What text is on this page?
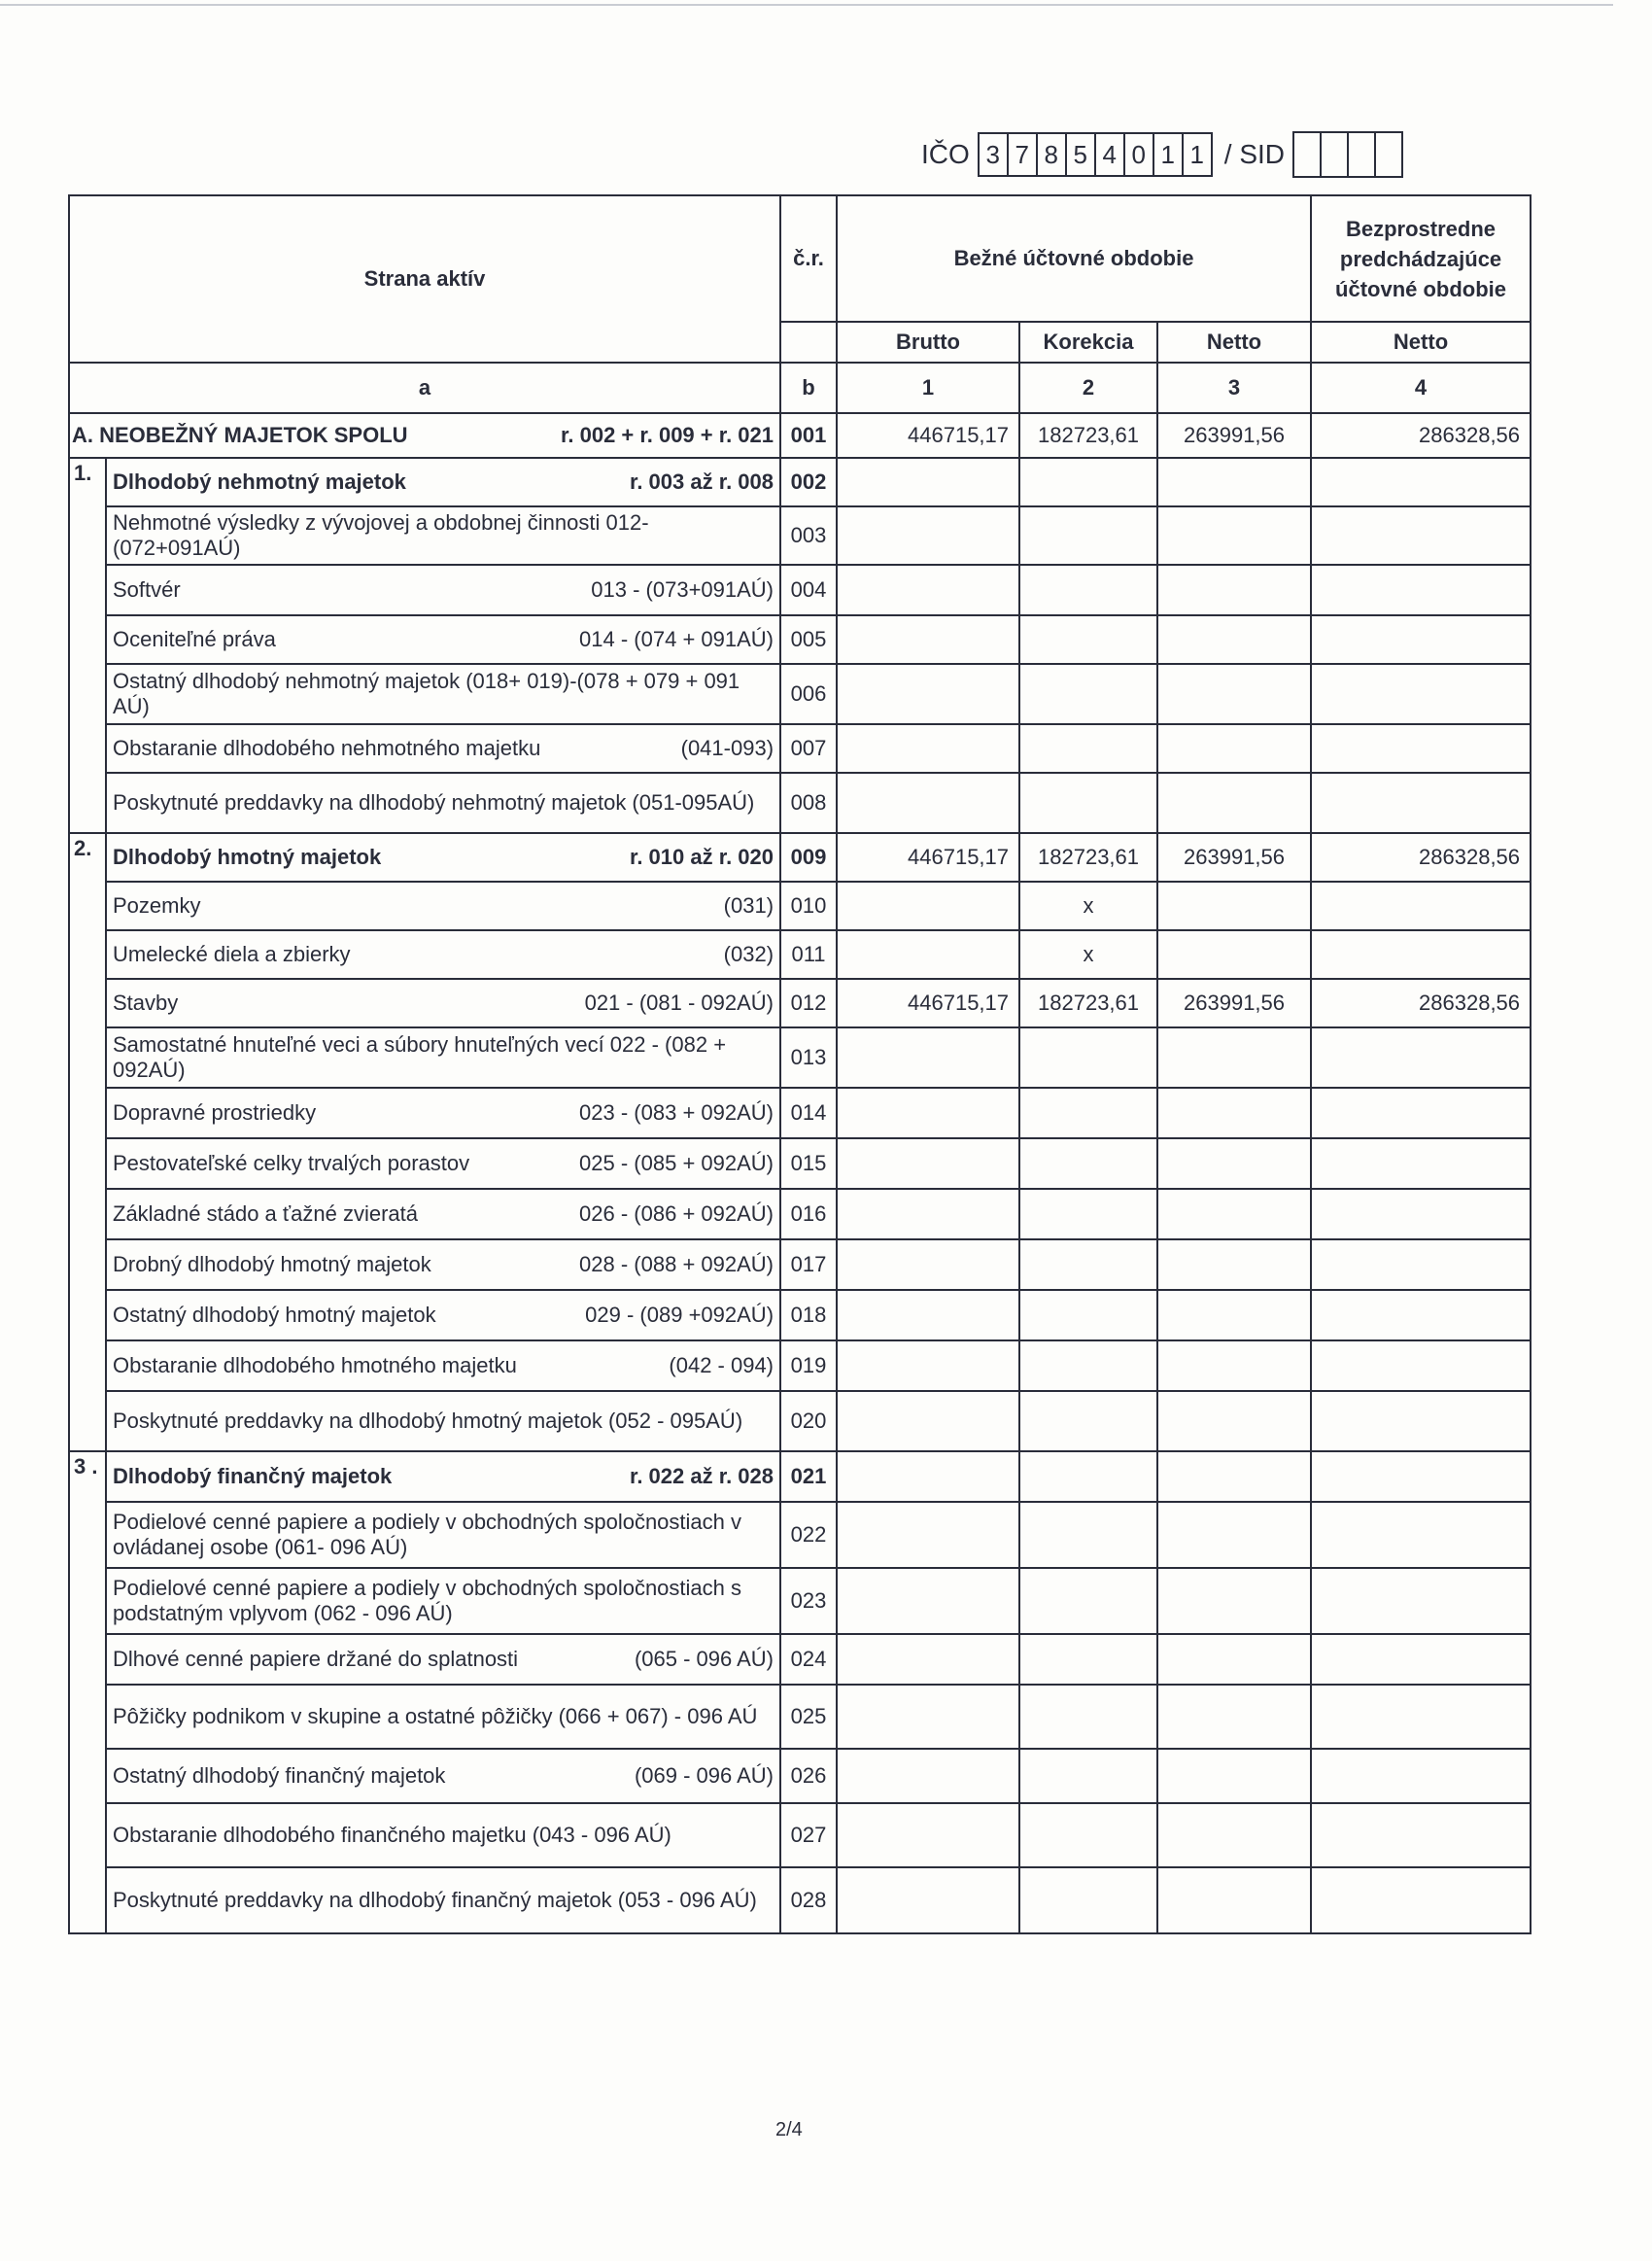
IČO 3 7 8 5 4 0 1 1 / SID
Strana aktív		č.r.	Bežné účtovné obdobie			Bezprostredne predchádzajúce účtovné obdobie
			Brutto	Korekcia	Netto	Netto
a		b	1	2	3	4

A. NEOBEŽNÝ MAJETOK SPOLU r. 002 + r. 009 + r. 021		001	446715,17	182723,61	263991,56	286328,56
1.	Dlhodobý nehmotný majetok r. 003 až r. 008	002				

	Nehmotné výsledky z vývojovej a obdobnej činnosti 012-(072+091AÚ)	003				

	Softvér 013 - (073+091AÚ)	004				

	Oceniteľné práva 014 - (074 + 091AÚ)	005				

	Ostatný dlhodobý nehmotný majetok (018+ 019)-(078 + 079 + 091 AÚ)	006				

	Obstaranie dlhodobého nehmotného majetku (041-093)	007				

	Poskytnuté preddavky na dlhodobý nehmotný majetok (051-095AÚ)	008				
2.	Dlhodobý hmotný majetok r. 010 až r. 020	009	446715,17	182723,61	263991,56	286328,56

	Pozemky (031)	010		x		

	Umelecké diela a zbierky (032)	011		x		

	Stavby 021 - (081 - 092AÚ)	012	446715,17	182723,61	263991,56	286328,56

	Samostatné hnuteľné veci a súbory hnuteľných vecí 022 - (082 + 092AÚ)	013				

	Dopravné prostriedky 023 - (083 + 092AÚ)	014				

	Pestovateľské celky trvalých porastov 025 - (085 + 092AÚ)	015				

	Základné stádo a ťažné zvieratá 026 - (086 + 092AÚ)	016				

	Drobný dlhodobý hmotný majetok 028 - (088 + 092AÚ)	017				

	Ostatný dlhodobý hmotný majetok 029 - (089 +092AÚ)	018				

	Obstaranie dlhodobého hmotného majetku (042 - 094)	019				

	Poskytnuté preddavky na dlhodobý hmotný majetok (052 - 095AÚ)	020				
3 .	Dlhodobý finančný majetok r. 022 až r. 028	021				

	Podielové cenné papiere a podiely v obchodných spoločnostiach v ovládanej osobe (061- 096 AÚ)	022				

	Podielové cenné papiere a podiely v obchodných spoločnostiach s podstatným vplyvom (062 - 096 AÚ)	023				

	Dlhové cenné papiere držané do splatnosti (065 - 096 AÚ)	024				

	Pôžičky podnikom v skupine a ostatné pôžičky (066 + 067) - 096 AÚ	025				

	Ostatný dlhodobý finančný majetok (069 - 096 AÚ)	026				

	Obstaranie dlhodobého finančného majetku (043 - 096 AÚ)	027				

	Poskytnuté preddavky na dlhodobý finančný majetok (053 - 096 AÚ)	028				
2/4
